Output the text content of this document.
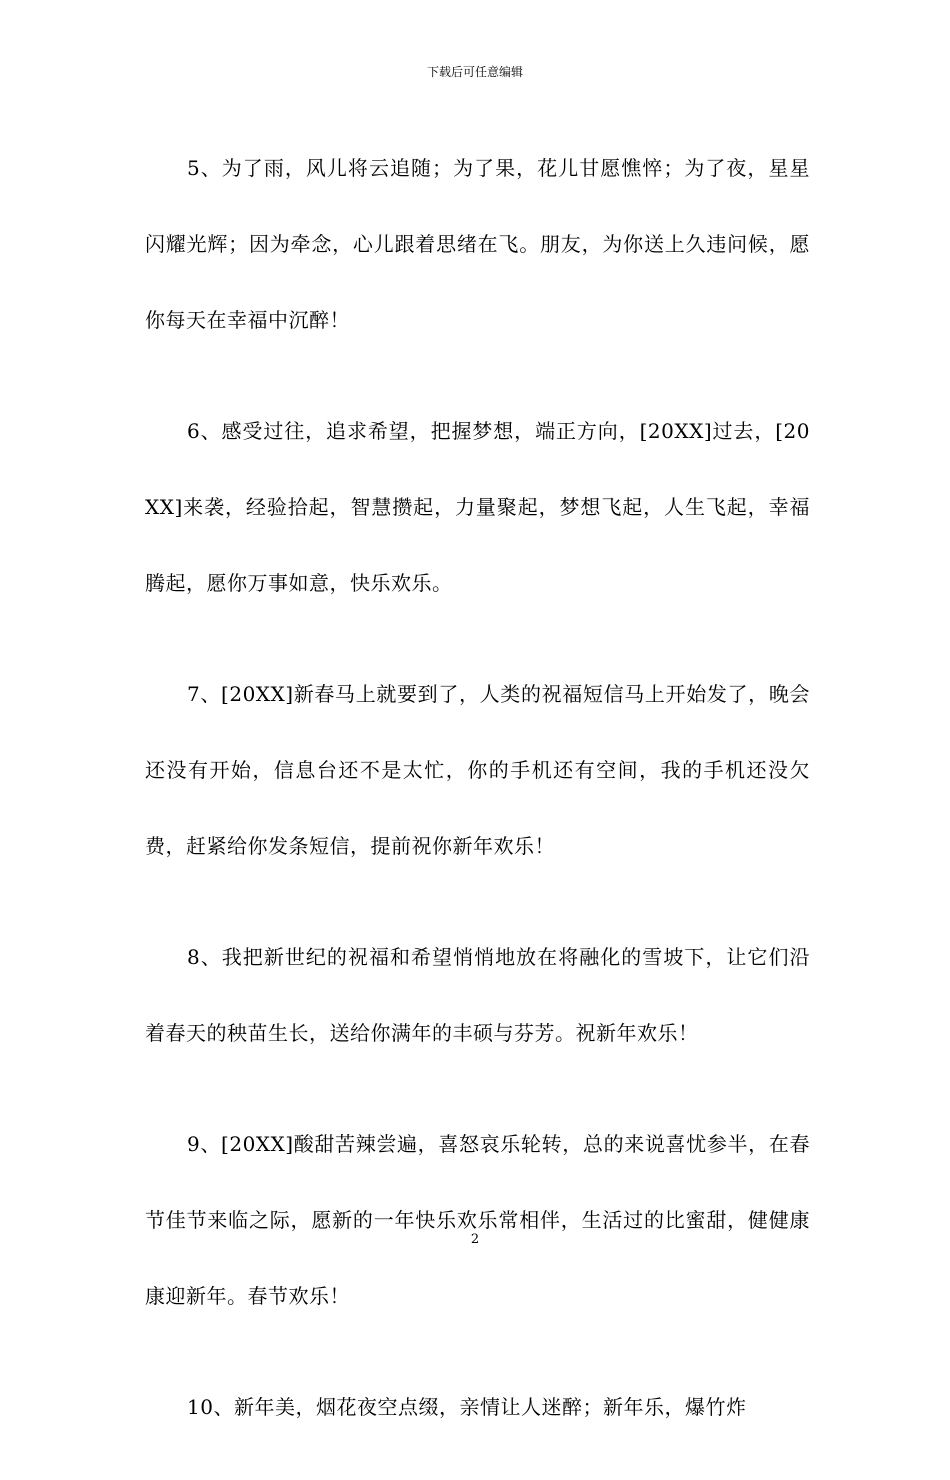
下载后可任意编辑

5、为了雨，风儿将云追随；为了果，花儿甘愿憔悴；为了夜，星星闪耀光辉；因为牵念，心儿跟着思绪在飞。朋友，为你送上久违问候，愿你每天在幸福中沉醉！

6、感受过往，追求希望，把握梦想，端正方向，[20XX]过去，[20XX]来袭，经验拾起，智慧攒起，力量聚起，梦想飞起，人生飞起，幸福腾起，愿你万事如意，快乐欢乐。

7、[20XX]新春马上就要到了，人类的祝福短信马上开始发了，晚会还没有开始，信息台还不是太忙，你的手机还有空间，我的手机还没欠费，赶紧给你发条短信，提前祝你新年欢乐！

8、我把新世纪的祝福和希望悄悄地放在将融化的雪坡下，让它们沿着春天的秧苗生长，送给你满年的丰硕与芬芳。祝新年欢乐！

9、[20XX]酸甜苦辣尝遍，喜怒哀乐轮转，总的来说喜忧参半，在春节佳节来临之际，愿新的一年快乐欢乐常相伴，生活过的比蜜甜，健健康康迎新年。春节欢乐！

10、新年美，烟花夜空点缀，亲情让人迷醉；新年乐，爆竹炸

2
